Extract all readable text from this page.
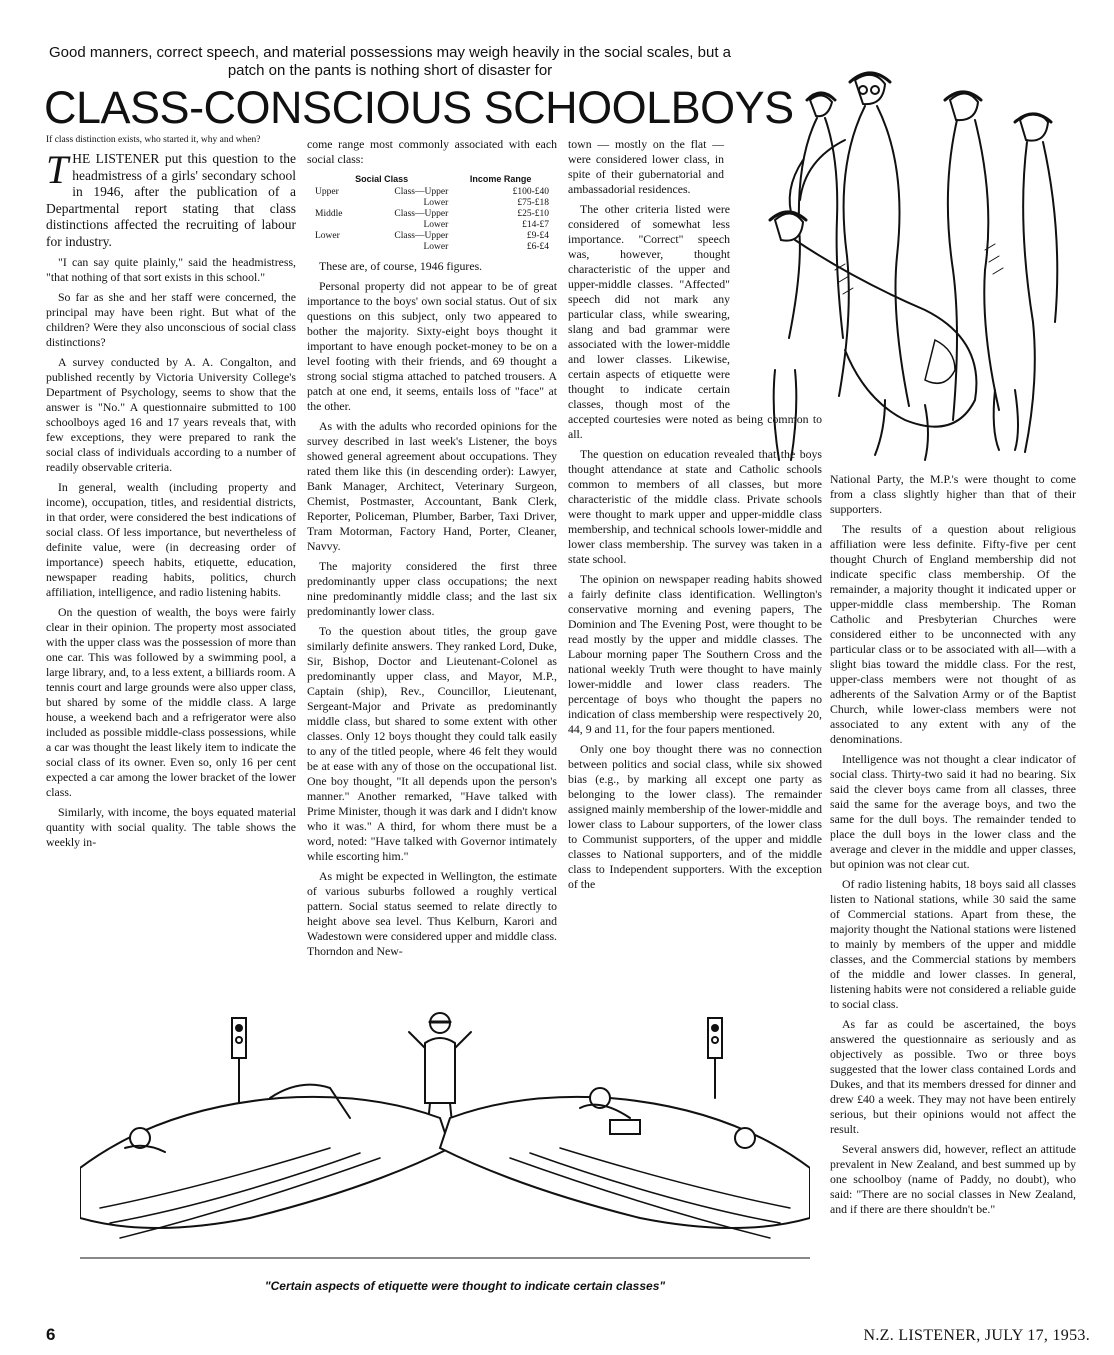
Good manners, correct speech, and material possessions may weigh heavily in the social scales, but a patch on the pants is nothing short of disaster for
CLASS-CONSCIOUS SCHOOLBOYS

If class distinction exists, who started it, why and when?

THE LISTENER put this question to the headmistress of a girls' secondary school in 1946, after the publication of a Departmental report stating that class distinctions affected the recruiting of labour for industry.

"I can say quite plainly," said the headmistress, "that nothing of that sort exists in this school."

So far as she and her staff were concerned, the principal may have been right. But what of the children? Were they also unconscious of social class distinctions?

A survey conducted by A. A. Congalton, and published recently by Victoria University College's Department of Psychology, seems to show that the answer is "No." A questionnaire submitted to 100 schoolboys aged 16 and 17 years reveals that, with few exceptions, they were prepared to rank the social class of individuals according to a number of readily observable criteria.

In general, wealth (including property and income), occupation, titles, and residential districts, in that order, were considered the best indications of social class. Of less importance, but nevertheless of definite value, were (in decreasing order of importance) speech habits, etiquette, education, newspaper reading habits, politics, church affiliation, intelligence, and radio listening habits.

On the question of wealth, the boys were fairly clear in their opinion. The property most associated with the upper class was the possession of more than one car. This was followed by a swimming pool, a large library, and, to a less extent, a billiards room. A tennis court and large grounds were also upper class, but shared by some of the middle class. A large house, a weekend bach and a refrigerator were also included as possible middle-class possessions, while a car was thought the least likely item to indicate the social class of its owner. Even so, only 16 per cent expected a car among the lower bracket of the lower class.

Similarly, with income, the boys equated material quantity with social quality. The table shows the weekly in-

come range most commonly associated with each social class:

Social Class		Income Range
Upper	Class—Upper	£100-£40
	Lower	£75-£18
Middle	Class—Upper	£25-£10
	Lower	£14-£7
Lower	Class—Upper	£9-£4
	Lower	£6-£4

These are, of course, 1946 figures.

Personal property did not appear to be of great importance to the boys' own social status. Out of six questions on this subject, only two appeared to bother the majority. Sixty-eight boys thought it important to have enough pocket-money to be on a level footing with their friends, and 69 thought a strong social stigma attached to patched trousers. A patch at one end, it seems, entails loss of "face" at the other.

As with the adults who recorded opinions for the survey described in last week's Listener, the boys showed general agreement about occupations. They rated them like this (in descending order): Lawyer, Bank Manager, Architect, Veterinary Surgeon, Chemist, Postmaster, Accountant, Bank Clerk, Reporter, Policeman, Plumber, Barber, Taxi Driver, Tram Motorman, Factory Hand, Porter, Cleaner, Navvy.

The majority considered the first three predominantly upper class occupations; the next nine predominantly middle class; and the last six predominantly lower class.

To the question about titles, the group gave similarly definite answers. They ranked Lord, Duke, Sir, Bishop, Doctor and Lieutenant-Colonel as predominantly upper class, and Mayor, M.P., Captain (ship), Rev., Councillor, Lieutenant, Sergeant-Major and Private as predominantly middle class, but shared to some extent with other classes. Only 12 boys thought they could talk easily to any of the titled people, where 46 felt they would be at ease with any of those on the occupational list. One boy thought, "It all depends upon the person's manner." Another remarked, "Have talked with Prime Minister, though it was dark and I didn't know who it was." A third, for whom there must be a word, noted: "Have talked with Governor intimately while escorting him."

As might be expected in Wellington, the estimate of various suburbs followed a roughly vertical pattern. Social status seemed to relate directly to height above sea level. Thus Kelburn, Karori and Wadestown were considered upper and middle class. Thorndon and New-

town — mostly on the flat — were considered lower class, in spite of their gubernatorial and ambassadorial residences.

The other criteria listed were considered of somewhat less importance. "Correct" speech was, however, thought characteristic of the upper and upper-middle classes. "Affected" speech did not mark any particular class, while swearing, slang and bad grammar were associated with the lower-middle and lower classes. Likewise, certain aspects of etiquette were thought to indicate certain classes, though most of the accepted courtesies were noted as being common to all.

The question on education revealed that the boys thought attendance at state and Catholic schools common to members of all classes, but more characteristic of the middle class. Private schools were thought to mark upper and upper-middle class membership, and technical schools lower-middle and lower class membership. The survey was taken in a state school.

The opinion on newspaper reading habits showed a fairly definite class identification. Wellington's conservative morning and evening papers, The Dominion and The Evening Post, were thought to be read mostly by the upper and middle classes. The Labour morning paper The Southern Cross and the national weekly Truth were thought to have mainly lower-middle and lower class readers. The percentage of boys who thought the papers no indication of class membership were respectively 20, 44, 9 and 11, for the four papers mentioned.

Only one boy thought there was no connection between politics and social class, while six showed bias (e.g., by marking all except one party as belonging to the lower class). The remainder assigned mainly membership of the lower-middle and lower class to Labour supporters, of the lower class to Communist supporters, of the upper and middle classes to National supporters, and of the middle class to Independent supporters. With the exception of the

National Party, the M.P.'s were thought to come from a class slightly higher than that of their supporters.

The results of a question about religious affiliation were less definite. Fifty-five per cent thought Church of England membership did not indicate specific class membership. Of the remainder, a majority thought it indicated upper or upper-middle class membership. The Roman Catholic and Presbyterian Churches were considered either to be unconnected with any particular class or to be associated with all—with a slight bias toward the middle class. For the rest, upper-class members were not thought of as adherents of the Salvation Army or of the Baptist Church, while lower-class members were not associated to any extent with any of the denominations.

Intelligence was not thought a clear indicator of social class. Thirty-two said it had no bearing. Six said the clever boys came from all classes, three said the same for the average boys, and two the same for the dull boys. The remainder tended to place the dull boys in the lower class and the average and clever in the middle and upper classes, but opinion was not clear cut.

Of radio listening habits, 18 boys said all classes listen to National stations, while 30 said the same of Commercial stations. Apart from these, the majority thought the National stations were listened to mainly by members of the upper and middle classes, and the Commercial stations by members of the middle and lower classes. In general, listening habits were not considered a reliable guide to social class.

As far as could be ascertained, the boys answered the questionnaire as seriously and as objectively as possible. Two or three boys suggested that the lower class contained Lords and Dukes, and that its members dressed for dinner and drew £40 a week. They may not have been entirely serious, but their opinions would not affect the result.

Several answers did, however, reflect an attitude prevalent in New Zealand, and best summed up by one schoolboy (name of Paddy, no doubt), who said: "There are no social classes in New Zealand, and if there are there shouldn't be."

"Certain aspects of etiquette were thought to indicate certain classes"
6	N.Z. LISTENER, JULY 17, 1953.
